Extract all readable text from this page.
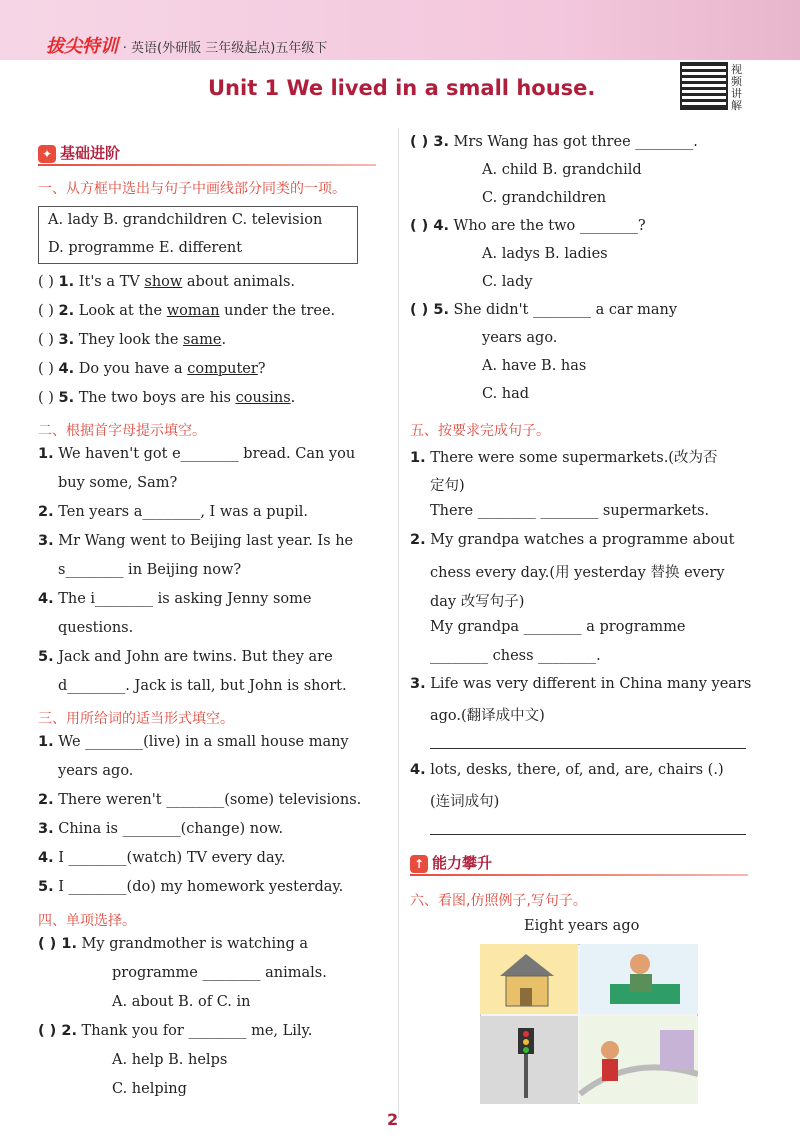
拔尖特训 · 英语(外研版 三年级起点)五年级下
Unit 1 We lived in a small house.
视频讲解
✦ 基础进阶
一、从方框中选出与句子中画线部分同类的一项。
A. lady B. grandchildren C. television
D. programme E. different
( ) 1. It's a TV show about animals.
( ) 2. Look at the woman under the tree.
( ) 3. They look the same.
( ) 4. Do you have a computer?
( ) 5. The two boys are his cousins.
二、根据首字母提示填空。
1. We haven't got e________ bread. Can you
buy some, Sam?
2. Ten years a________, I was a pupil.
3. Mr Wang went to Beijing last year. Is he
s________ in Beijing now?
4. The i________ is asking Jenny some
questions.
5. Jack and John are twins. But they are
d________. Jack is tall, but John is short.
三、用所给词的适当形式填空。
1. We ________(live) in a small house many
years ago.
2. There weren't ________(some) televisions.
3. China is ________(change) now.
4. I ________(watch) TV every day.
5. I ________(do) my homework yesterday.
四、单项选择。
( ) 1. My grandmother is watching a
programme ________ animals.
A. about B. of C. in
( ) 2. Thank you for ________ me, Lily.
A. help B. helps
C. helping
( ) 3. Mrs Wang has got three ________.
A. child B. grandchild
C. grandchildren
( ) 4. Who are the two ________?
A. ladys B. ladies
C. lady
( ) 5. She didn't ________ a car many
years ago.
A. have B. has
C. had
五、按要求完成句子。
1. There were some supermarkets.(改为否
定句)
There ________ ________ supermarkets.
2. My grandpa watches a programme about
chess every day.(用 yesterday 替换 every
day 改写句子)
My grandpa ________ a programme
________ chess ________.
3. Life was very different in China many years
ago.(翻译成中文)
4. lots, desks, there, of, and, are, chairs (.)
(连词成句)
↑ 能力攀升
六、看图,仿照例子,写句子。
Eight years ago
2
